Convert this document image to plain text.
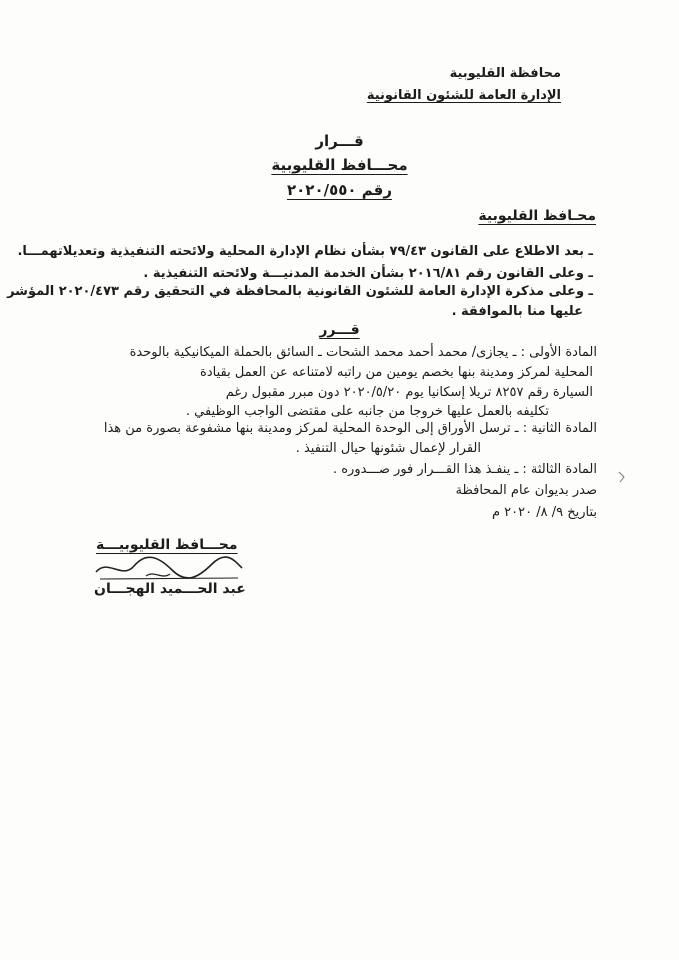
محافظة القليوبية
الإدارة العامة للشئون القانونية
قـــرار
محـــافظ القليوبية
رقم ٢٠٢٠/٥٥٠
محـافظ القليوبية
ـ بعد الاطلاع على القانون ٧٩/٤٣ بشأن نظام الإدارة المحلية ولائحته التنفيذية وتعديلاتهمـــا.
ـ وعلى القانون رقم ٢٠١٦/٨١ بشأن الخدمة المدنيـــة ولائحته التنفيذية .
ـ وعلى مذكرة الإدارة العامة للشئون القانونية بالمحافظة في التحقيق رقم ٢٠٢٠/٤٧٣ المؤشر
عليها منا بالموافقة .
قـــرر
المادة الأولى : ـ يجازى/ محمد أحمد محمد الشحات ـ السائق بالحملة الميكانيكية بالوحدة
المحلية لمركز ومدينة بنها بخصم يومين من راتبه لامتناعه عن العمل بقيادة
السيارة رقم ٨٢٥٧ تريلا إسكانيا يوم ٢٠٢٠/٥/٢٠ دون مبرر مقبول رغم
تكليفه بالعمل عليها خروجا من جانبه على مقتضى الواجب الوظيفي .
المادة الثانية : ـ ترسل الأوراق إلى الوحدة المحلية لمركز ومدينة بنها مشفوعة بصورة من هذا
القرار لإعمال شئونها حيال التنفيذ .
المادة الثالثة : ـ ينفـذ هذا القـــرار فور صـــدوره .
صدر بديوان عام المحافظة
بتاريخ ٩/ ٨/ ٢٠٢٠ م
محـــافظ القليوبيـــة
عبد الحـــميد الهجـــان
